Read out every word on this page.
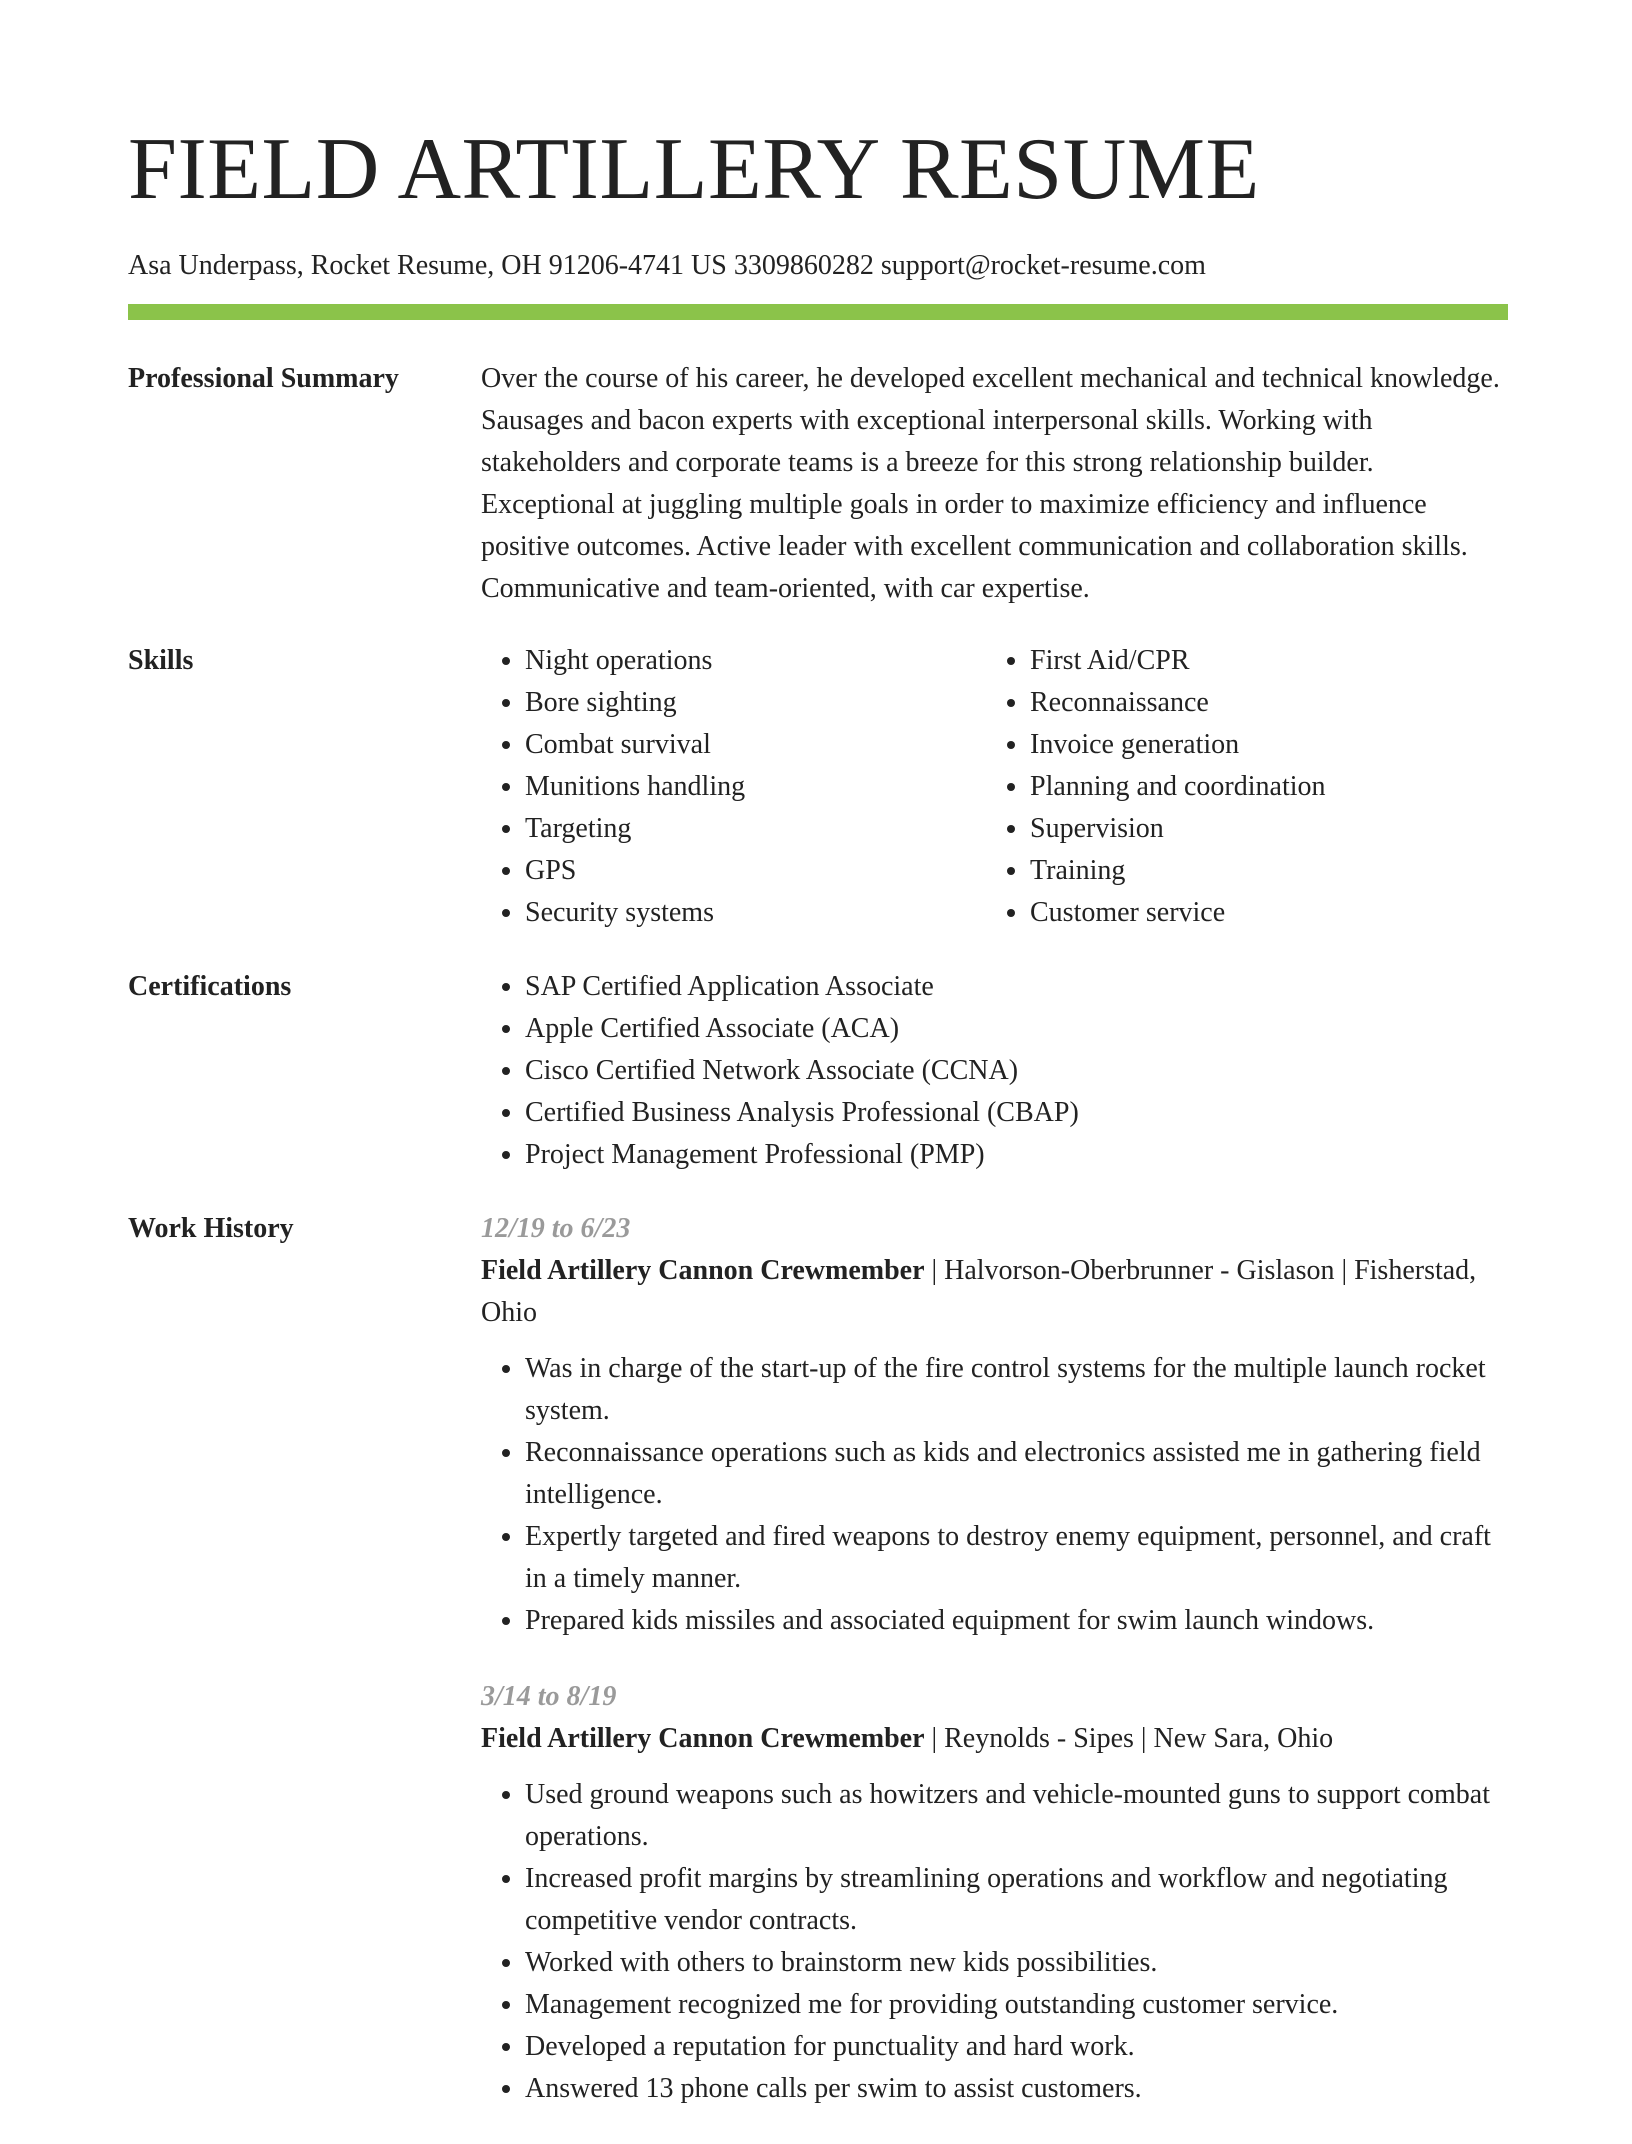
FIELD ARTILLERY RESUME
Asa Underpass, Rocket Resume, OH 91206-4741 US 3309860282 support@rocket-resume.com
Professional Summary	Over the course of his career, he developed excellent mechanical and technical knowledge. Sausages and bacon experts with exceptional interpersonal skills. Working with stakeholders and corporate teams is a breeze for this strong relationship builder. Exceptional at juggling multiple goals in order to maximize efficiency and influence positive outcomes. Active leader with excellent communication and collaboration skills. Communicative and team-oriented, with car expertise.

Skills	• Night operations
• Bore sighting
• Combat survival
• Munitions handling
• Targeting
• GPS
• Security systems
• First Aid/CPR
• Reconnaissance
• Invoice generation
• Planning and coordination
• Supervision
• Training
• Customer service
Certifications	• SAP Certified Application Associate
• Apple Certified Associate (ACA)
• Cisco Certified Network Associate (CCNA)
• Certified Business Analysis Professional (CBAP)
• Project Management Professional (PMP)
Work History	12/19 to 6/23
Field Artillery Cannon Crewmember | Halvorson-Oberbrunner - Gislason | Fisherstad, Ohio
• Was in charge of the start-up of the fire control systems for the multiple launch rocket system.
• Reconnaissance operations such as kids and electronics assisted me in gathering field intelligence.
• Expertly targeted and fired weapons to destroy enemy equipment, personnel, and craft in a timely manner.
• Prepared kids missiles and associated equipment for swim launch windows.
3/14 to 8/19
Field Artillery Cannon Crewmember | Reynolds - Sipes | New Sara, Ohio
• Used ground weapons such as howitzers and vehicle-mounted guns to support combat operations.
• Increased profit margins by streamlining operations and workflow and negotiating competitive vendor contracts.
• Worked with others to brainstorm new kids possibilities.
• Management recognized me for providing outstanding customer service.
• Developed a reputation for punctuality and hard work.
• Answered 13 phone calls per swim to assist customers.
